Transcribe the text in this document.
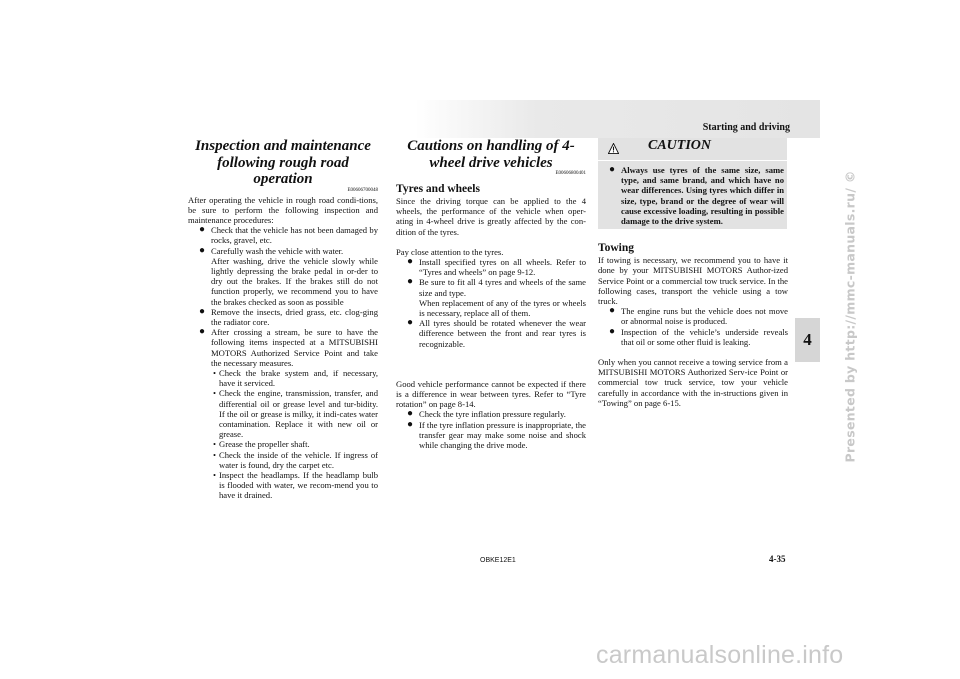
Starting and driving
4	Presented by http://mmc-manuals.ru/ ©
Inspection and maintenance following rough road operation
E00606700048
After operating the vehicle in rough road condi-tions, be sure to perform the following inspection and maintenance procedures:
● Check that the vehicle has not been damaged by rocks, gravel, etc.
● Carefully wash the vehicle with water.
After washing, drive the vehicle slowly while lightly depressing the brake pedal in or-der to dry out the brakes. If the brakes still do not function properly, we recommend you to have the brakes checked as soon as possible
● Remove the insects, dried grass, etc. clog-ging the radiator core.
● After crossing a stream, be sure to have the following items inspected at a MITSUBISHI MOTORS Authorized Service Point and take the necessary measures.
• Check the brake system and, if necessary, have it serviced.
• Check the engine, transmission, transfer, and differential oil or grease level and tur-bidity. If the oil or grease is milky, it indi-cates water contamination. Replace it with new oil or grease.
• Grease the propeller shaft.
• Check the inside of the vehicle. If ingress of water is found, dry the carpet etc.
• Inspect the headlamps. If the headlamp bulb is flooded with water, we recom-mend you to have it drained.
Cautions on handling of 4-wheel drive vehicles
E00606800401
Tyres and wheels
Since the driving torque can be applied to the 4 wheels, the performance of the vehicle when oper-ating in 4-wheel drive is greatly affected by the con-dition of the tyres.
Pay close attention to the tyres.
● Install specified tyres on all wheels. Refer to “Tyres and wheels” on page 9-12.
● Be sure to fit all 4 tyres and wheels of the same size and type.
When replacement of any of the tyres or wheels is necessary, replace all of them.
● All tyres should be rotated whenever the wear difference between the front and rear tyres is recognizable.
Good vehicle performance cannot be expected if there is a difference in wear between tyres. Refer to “Tyre rotation” on page 8-14.
● Check the tyre inflation pressure regularly.
● If the tyre inflation pressure is inappropriate, the transfer gear may make some noise and shock while changing the drive mode.
CAUTION
● Always use tyres of the same size, same type, and same brand, and which have no wear differences. Using tyres which differ in size, type, brand or the degree of wear will cause excessive loading, resulting in possible damage to the drive system.
Towing
If towing is necessary, we recommend you to have it done by your MITSUBISHI MOTORS Author-ized Service Point or a commercial tow truck service. In the following cases, transport the vehicle using a tow truck.
● The engine runs but the vehicle does not move or abnormal noise is produced.
● Inspection of the vehicle’s underside reveals that oil or some other fluid is leaking.
Only when you cannot receive a towing service from a MITSUBISHI MOTORS Authorized Serv-ice Point or commercial tow truck service, tow your vehicle carefully in accordance with the in-structions given in “Towing” on page 6-15.
OBKE12E1	4-35
carmanualsonline.info
